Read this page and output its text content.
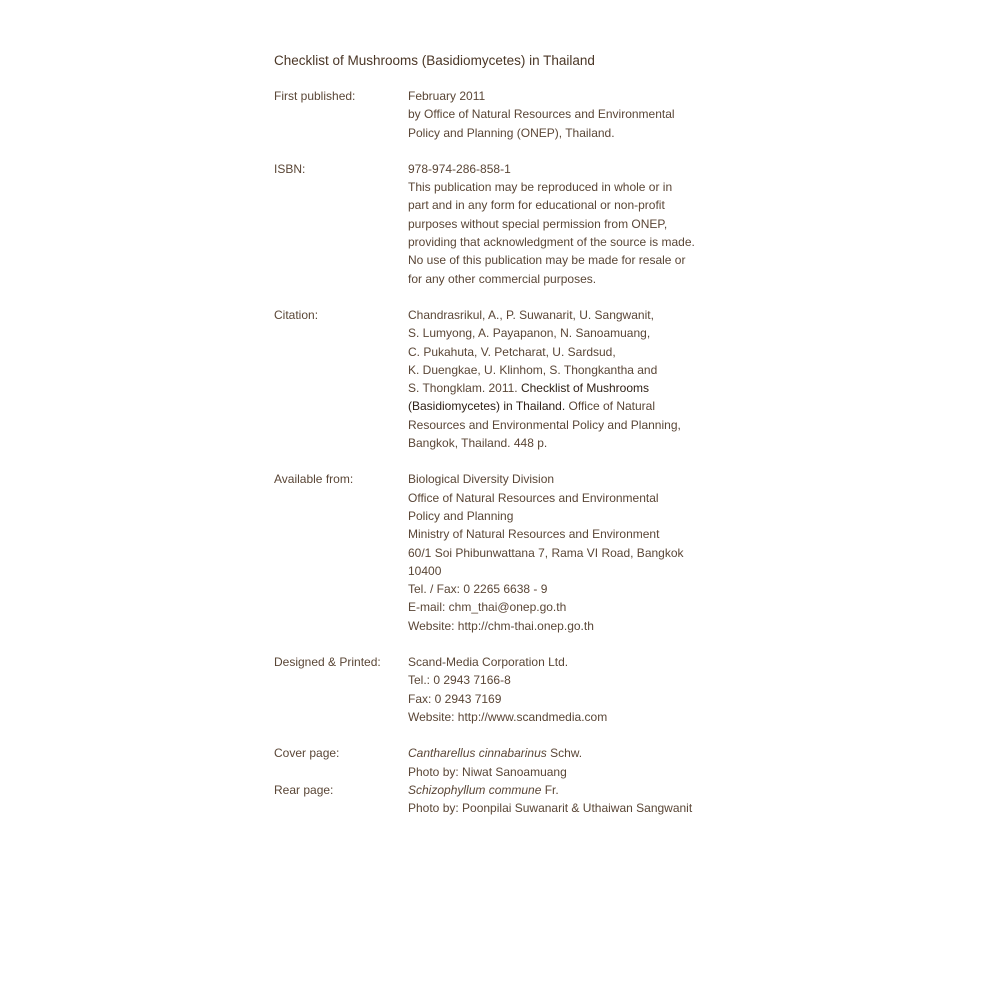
Checklist of Mushrooms (Basidiomycetes) in Thailand
First published:	February 2011
by Office of Natural Resources and Environmental
Policy and Planning (ONEP), Thailand.
ISBN:	978-974-286-858-1
This publication may be reproduced in whole or in
part and in any form for educational or non-profit
purposes without special permission from ONEP,
providing that acknowledgment of the source is made.
No use of this publication may be made for resale or
for any other commercial purposes.
Citation:	Chandrasrikul, A., P. Suwanarit, U. Sangwanit,
S. Lumyong, A. Payapanon, N. Sanoamuang,
C. Pukahuta, V. Petcharat, U. Sardsud,
K. Duengkae, U. Klinhom, S. Thongkantha and
S. Thongklam. 2011. Checklist of Mushrooms
(Basidiomycetes) in Thailand. Office of Natural
Resources and Environmental Policy and Planning,
Bangkok, Thailand. 448 p.
Available from:	Biological Diversity Division
Office of Natural Resources and Environmental
Policy and Planning
Ministry of Natural Resources and Environment
60/1 Soi Phibunwattana 7, Rama VI Road, Bangkok
10400
Tel. / Fax: 0 2265 6638 - 9
E-mail: chm_thai@onep.go.th
Website: http://chm-thai.onep.go.th
Designed & Printed:	Scand-Media Corporation Ltd.
Tel.: 0 2943 7166-8
Fax: 0 2943 7169
Website: http://www.scandmedia.com
Cover page:	Cantharellus cinnabarinus Schw.
Photo by: Niwat Sanoamuang
Rear page:	Schizophyllum commune Fr.
Photo by: Poonpilai Suwanarit & Uthaiwan Sangwanit
